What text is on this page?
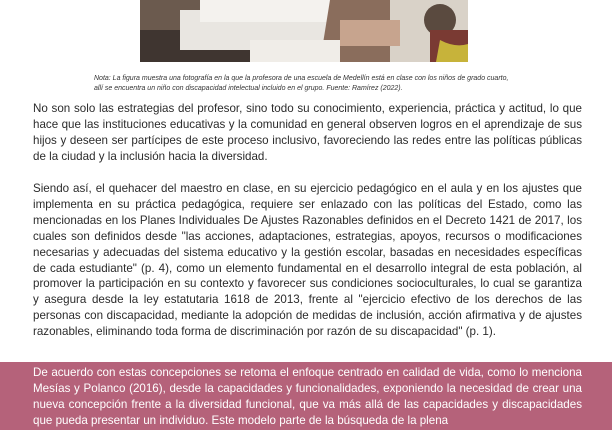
Nota: La figura muestra una fotografía en la que la profesora de una escuela de Medellín está en clase con los niños de grado cuarto, allí se encuentra un niño con discapacidad intelectual incluido en el grupo. Fuente: Ramírez (2022).

No son solo las estrategias del profesor, sino todo su conocimiento, experiencia, práctica y actitud, lo que hace que las instituciones educativas y la comunidad en general observen logros en el aprendizaje de sus hijos y deseen ser partícipes de este proceso inclusivo, favoreciendo las redes entre las políticas públicas de la ciudad y la inclusión hacia la diversidad.

Siendo así, el quehacer del maestro en clase, en su ejercicio pedagógico en el aula y en los ajustes que implementa en su práctica pedagógica, requiere ser enlazado con las políticas del Estado, como las mencionadas en los Planes Individuales De Ajustes Razonables definidos en el Decreto 1421 de 2017, los cuales son definidos desde "las acciones, adaptaciones, estrategias, apoyos, recursos o modificaciones necesarias y adecuadas del sistema educativo y la gestión escolar, basadas en necesidades específicas de cada estudiante" (p. 4), como un elemento fundamental en el desarrollo integral de esta población, al promover la participación en su contexto y favorecer sus condiciones socioculturales, lo cual se garantiza y asegura desde la ley estatutaria 1618 de 2013, frente al "ejercicio efectivo de los derechos de las personas con discapacidad, mediante la adopción de medidas de inclusión, acción afirmativa y de ajustes razonables, eliminando toda forma de discriminación por razón de su discapacidad" (p. 1).

De acuerdo con estas concepciones se retoma el enfoque centrado en calidad de vida, como lo menciona Mesías y Polanco (2016), desde la capacidades y funcionalidades, exponiendo la necesidad de crear una nueva concepción frente a la diversidad funcional, que va más allá de las capacidades y discapacidades que pueda presentar un individuo. Este modelo parte de la búsqueda de la plena
